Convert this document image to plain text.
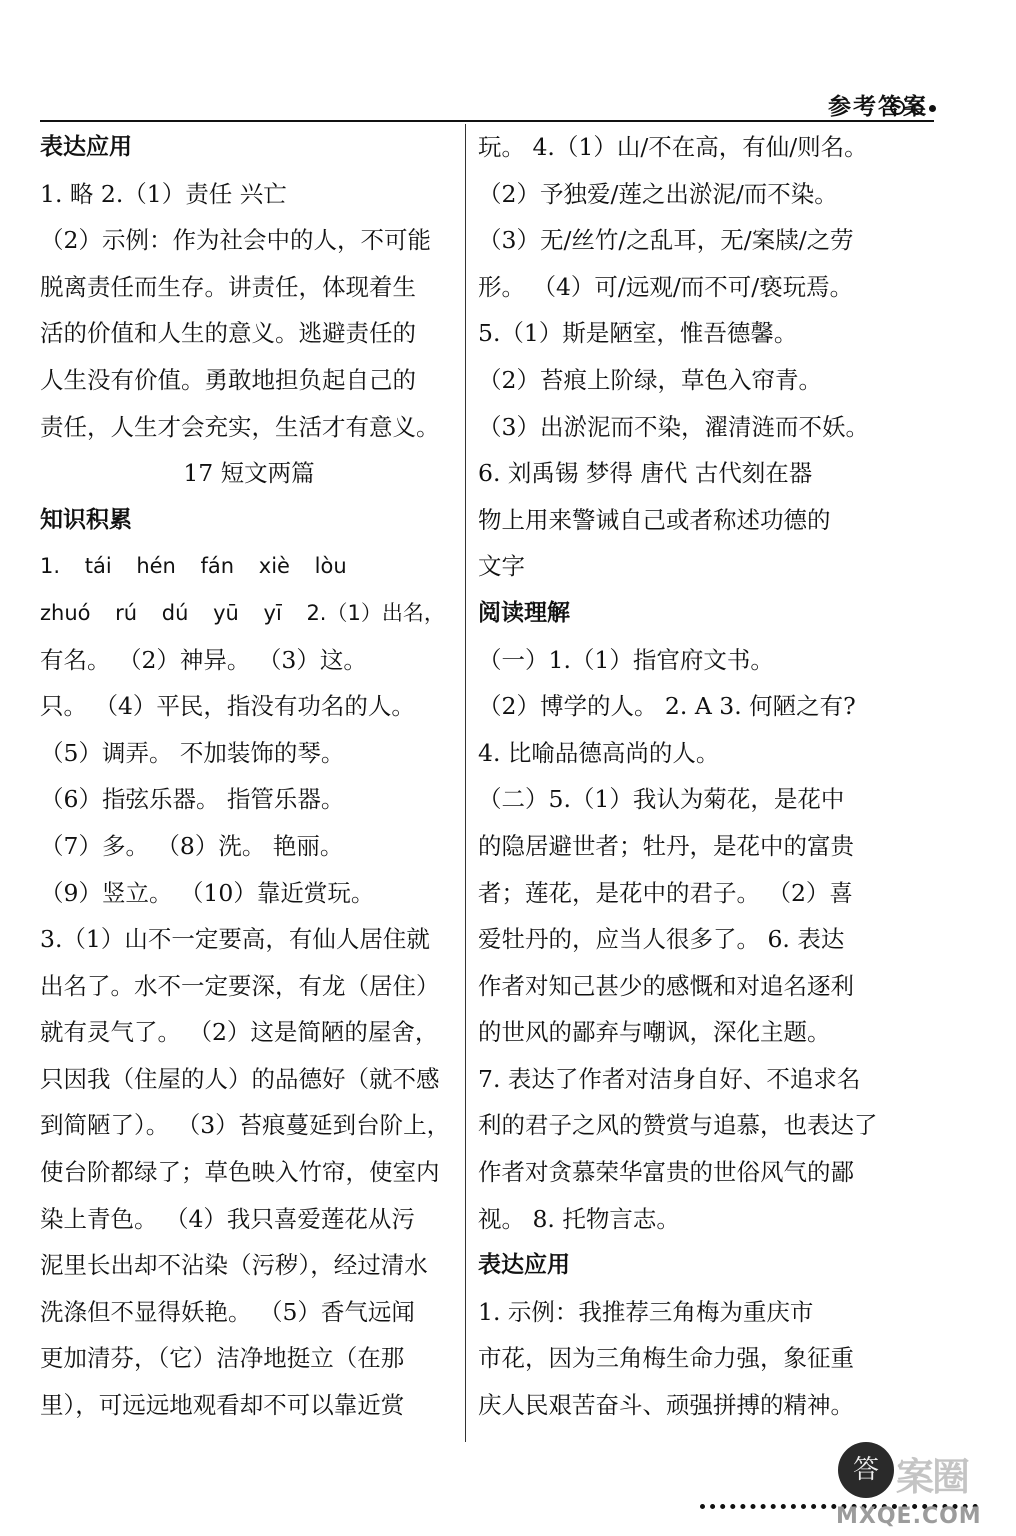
参考答案
表达应用
1. 略 2.（1）责任 兴亡
（2）示例：作为社会中的人，不可能
脱离责任而生存。讲责任，体现着生
活的价值和人生的意义。逃避责任的
人生没有价值。勇敢地担负起自己的
责任，人生才会充实，生活才有意义。
17 短文两篇
知识积累
1. tái hén fán xiè lòu
zhuó rú dú yū yī 2.（1）出名，
有名。 （2）神异。 （3）这。
只。 （4）平民，指没有功名的人。
（5）调弄。 不加装饰的琴。
（6）指弦乐器。 指管乐器。
（7）多。 （8）洗。 艳丽。
（9）竖立。 （10）靠近赏玩。
3.（1）山不一定要高，有仙人居住就
出名了。水不一定要深，有龙（居住）
就有灵气了。 （2）这是简陋的屋舍，
只因我（住屋的人）的品德好（就不感
到简陋了）。 （3）苔痕蔓延到台阶上，
使台阶都绿了；草色映入竹帘，使室内
染上青色。 （4）我只喜爱莲花从污
泥里长出却不沾染（污秽），经过清水
洗涤但不显得妖艳。 （5）香气远闻
更加清芬，（它）洁净地挺立（在那
里），可远远地观看却不可以靠近赏
玩。 4.（1）山/不在高，有仙/则名。
（2）予独爱/莲之出淤泥/而不染。
（3）无/丝竹/之乱耳，无/案牍/之劳
形。 （4）可/远观/而不可/亵玩焉。
5.（1）斯是陋室，惟吾德馨。
（2）苔痕上阶绿，草色入帘青。
（3）出淤泥而不染，濯清涟而不妖。
6. 刘禹锡 梦得 唐代 古代刻在器
物上用来警诫自己或者称述功德的
文字
阅读理解
（一）1.（1）指官府文书。
（2）博学的人。 2. A 3. 何陋之有?
4. 比喻品德高尚的人。
（二）5.（1）我认为菊花，是花中
的隐居避世者；牡丹，是花中的富贵
者；莲花，是花中的君子。 （2）喜
爱牡丹的，应当人很多了。 6. 表达
作者对知己甚少的感慨和对追名逐利
的世风的鄙弃与嘲讽，深化主题。
7. 表达了作者对洁身自好、不追求名
利的君子之风的赞赏与追慕，也表达了
作者对贪慕荣华富贵的世俗风气的鄙
视。 8. 托物言志。
表达应用
1. 示例：我推荐三角梅为重庆市
市花，因为三角梅生命力强，象征重
庆人民艰苦奋斗、顽强拼搏的精神。
答 案圈
MXQE.COM
